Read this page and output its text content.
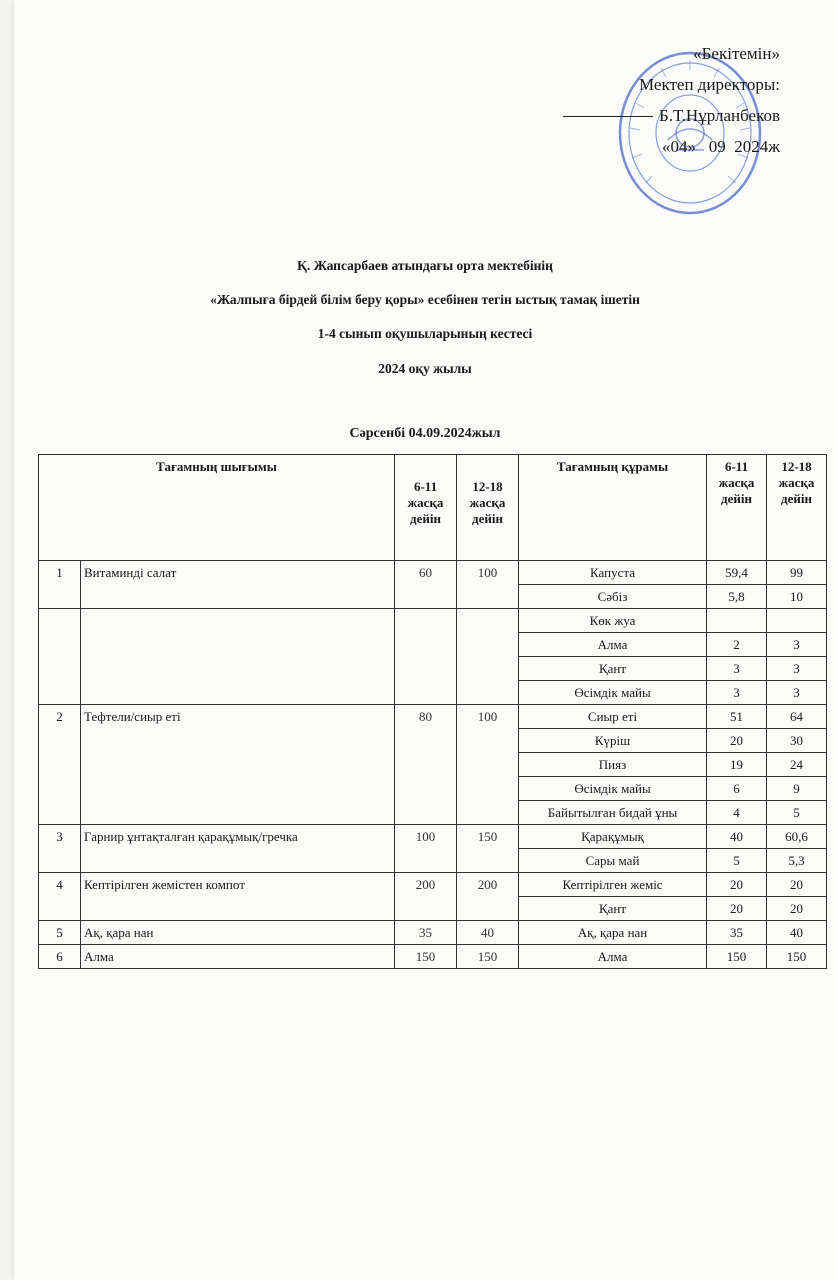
«Бекітемін»
Мектеп директоры:
Б.Т.Нұрланбеков
«04» 09 2024ж
Қ. Жапсарбаев атындағы орта мектебінің
«Жалпыға бірдей білім беру қоры» есебінен тегін ыстық тамақ ішетін
1-4 сынып оқушыларының кестесі
2024 оқу жылы
Сәрсенбі 04.09.2024жыл
Тағамның шығымы		6-11 жасқа дейін	12-18 жасқа дейін	Тағамның құрамы	6-11 жасқа дейін	12-18 жасқа дейін
1	Витаминді салат	60	100	Капуста	59,4	99
				Сәбіз	5,8	10
				Көк жуа		
				Алма	2	3
				Қант	3	3
				Өсімдік майы	3	3
2	Тефтели/сиыр еті	80	100	Сиыр еті	51	64
				Күріш	20	30
				Пияз	19	24
				Өсімдік майы	6	9
				Байытылған бидай ұны	4	5
3	Гарнир ұнтақталған қарақұмық/гречка	100	150	Қарақұмық	40	60,6
				Сары май	5	5,3
4	Кептірілген жемістен компот	200	200	Кептірілген жеміс	20	20
				Қант	20	20
5	Ақ, қара нан	35	40	Ақ, қара нан	35	40
6	Алма	150	150	Алма	150	150
